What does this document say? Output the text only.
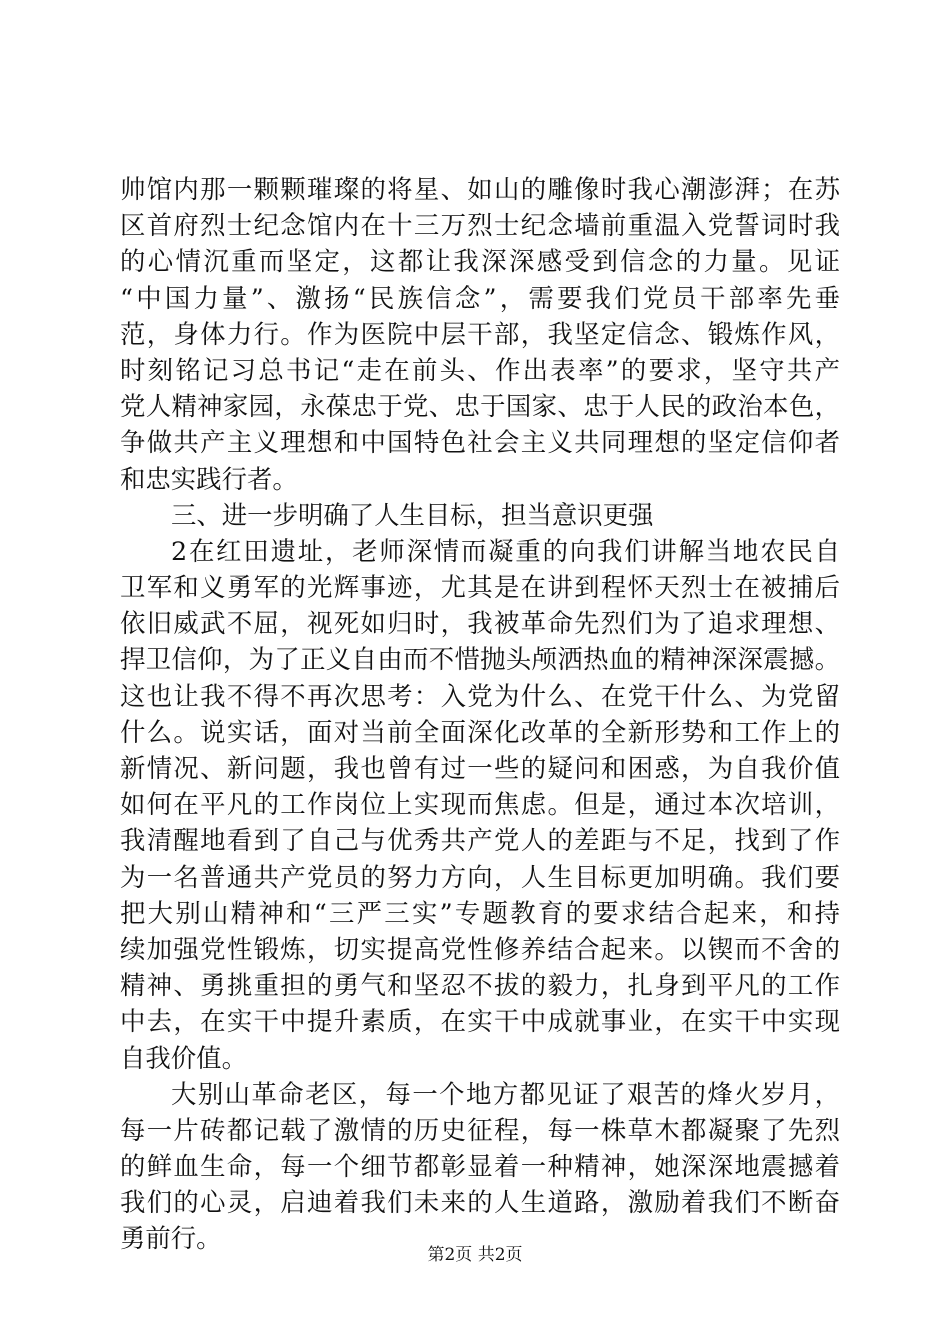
帅馆内那一颗颗璀璨的将星、如山的雕像时我心潮澎湃；在苏
区首府烈士纪念馆内在十三万烈士纪念墙前重温入党誓词时我
的心情沉重而坚定，这都让我深深感受到信念的力量。见证
“中国力量”、激扬“民族信念”，需要我们党员干部率先垂
范，身体力行。作为医院中层干部，我坚定信念、锻炼作风，
时刻铭记习总书记“走在前头、作出表率”的要求，坚守共产
党人精神家园，永葆忠于党、忠于国家、忠于人民的政治本色，
争做共产主义理想和中国特色社会主义共同理想的坚定信仰者
和忠实践行者。
三、进一步明确了人生目标，担当意识更强
2在红田遗址，老师深情而凝重的向我们讲解当地农民自
卫军和义勇军的光辉事迹，尤其是在讲到程怀天烈士在被捕后
依旧威武不屈，视死如归时，我被革命先烈们为了追求理想、
捍卫信仰，为了正义自由而不惜抛头颅洒热血的精神深深震撼。
这也让我不得不再次思考：入党为什么、在党干什么、为党留
什么。说实话，面对当前全面深化改革的全新形势和工作上的
新情况、新问题，我也曾有过一些的疑问和困惑，为自我价值
如何在平凡的工作岗位上实现而焦虑。但是，通过本次培训，
我清醒地看到了自己与优秀共产党人的差距与不足，找到了作
为一名普通共产党员的努力方向，人生目标更加明确。我们要
把大别山精神和“三严三实”专题教育的要求结合起来，和持
续加强党性锻炼，切实提高党性修养结合起来。以锲而不舍的
精神、勇挑重担的勇气和坚忍不拔的毅力，扎身到平凡的工作
中去，在实干中提升素质，在实干中成就事业，在实干中实现
自我价值。
大别山革命老区，每一个地方都见证了艰苦的烽火岁月，
每一片砖都记载了激情的历史征程，每一株草木都凝聚了先烈
的鲜血生命，每一个细节都彰显着一种精神，她深深地震撼着
我们的心灵，启迪着我们未来的人生道路，激励着我们不断奋
勇前行。
第2页 共2页
